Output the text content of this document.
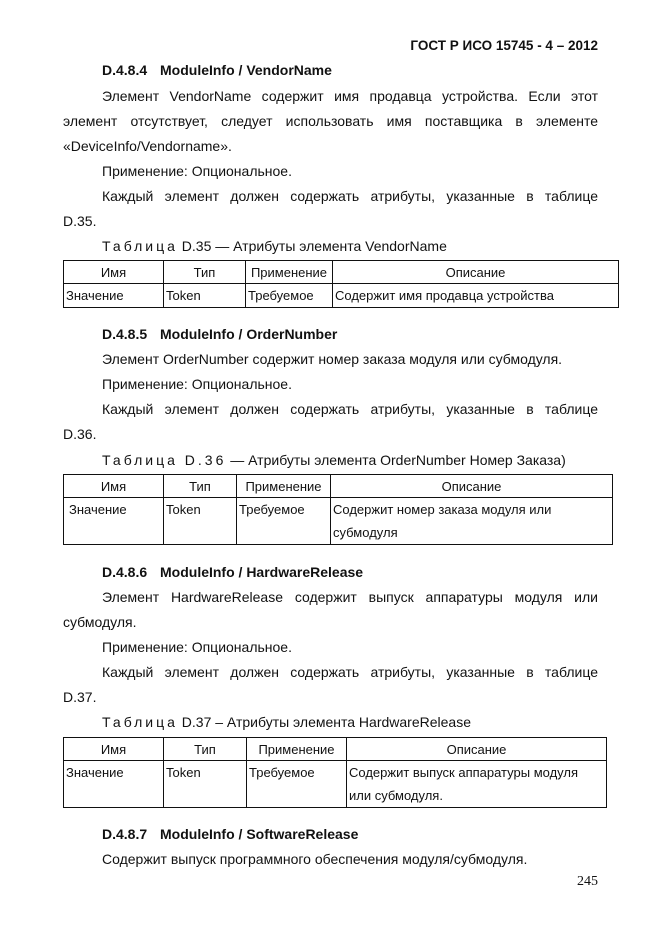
ГОСТ Р ИСО 15745 - 4 – 2012
D.4.8.4 ModuleInfo / VendorName
Элемент VendorName содержит имя продавца устройства. Если этот
элемент отсутствует, следует использовать имя поставщика в элементе
«DeviceInfo/Vendorname».
Применение: Опциональное.
Каждый элемент должен содержать атрибуты, указанные в таблице
D.35.
Таблица D.35 — Атрибуты элемента VendorName
Имя	Тип	Применение	Описание
Значение	Token	Требуемое	Содержит имя продавца устройства
D.4.8.5 ModuleInfo / OrderNumber
Элемент OrderNumber содержит номер заказа модуля или субмодуля.
Применение: Опциональное.
Каждый элемент должен содержать атрибуты, указанные в таблице
D.36.
Таблица D.36 — Атрибуты элемента OrderNumber Номер Заказа)
Имя	Тип	Применение	Описание
Значение	Token	Требуемое	Содержит номер заказа модуля или
субмодуля
D.4.8.6 ModuleInfo / HardwareRelease
Элемент HardwareRelease содержит выпуск аппаратуры модуля или
субмодуля.
Применение: Опциональное.
Каждый элемент должен содержать атрибуты, указанные в таблице
D.37.
Таблица D.37 – Атрибуты элемента HardwareRelease
Имя	Тип	Применение	Описание
Значение	Token	Требуемое	Содержит выпуск аппаратуры модуля
или субмодуля.
D.4.8.7 ModuleInfo / SoftwareRelease
Содержит выпуск программного обеспечения модуля/субмодуля.
245
